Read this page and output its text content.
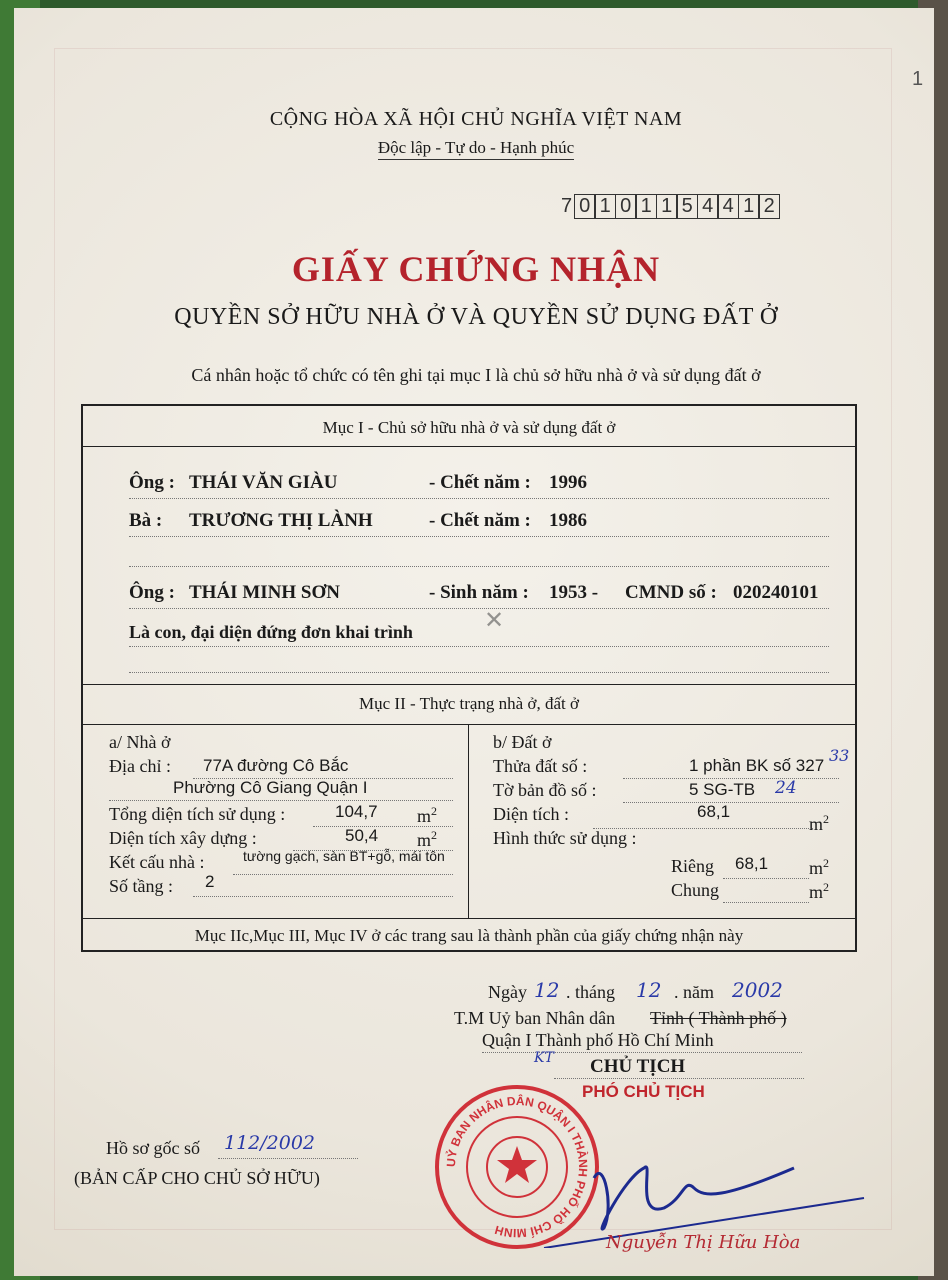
1
CỘNG HÒA XÃ HỘI CHỦ NGHĨA VIỆT NAM
Độc lập - Tự do - Hạnh phúc
7 0 1 0 1 1 5 4 4 1 2
GIẤY CHỨNG NHẬN
QUYỀN SỞ HỮU NHÀ Ở VÀ QUYỀN SỬ DỤNG ĐẤT Ở
Cá nhân hoặc tổ chức có tên ghi tại mục I là chủ sở hữu nhà ở và sử dụng đất ở
Mục I - Chủ sở hữu nhà ở và sử dụng đất ở
Ông : THÁI VĂN GIÀU	- Chết năm : 1996
Bà : TRƯƠNG THỊ LÀNH	- Chết năm : 1986
Ông : THÁI MINH SƠN	- Sinh năm : 1953 - CMND số : 020240101
Là con, đại diện đứng đơn khai trình
Mục II - Thực trạng nhà ở, đất ở
a/ Nhà ở
Địa chỉ : 77A đường Cô Bắc
Phường Cô Giang Quận I
Tổng diện tích sử dụng :	104,7 $m^2$
Diện tích xây dựng :	50,4 $m^2$
Kết cấu nhà :	tường gạch, sàn BT+gỗ, mái tôn
Số tầng : 2
b/ Đất ở
Thửa đất số :	1 phần BK số 327
33
Tờ bản đồ số :	5 SG-TB 24
Diện tích :	68,1
$m^2$
Hình thức sử dụng :
Riêng 68,1 $m^2$
Chung	$m^2$
Mục IIc,Mục III, Mục IV ở các trang sau là thành phần của giấy chứng nhận này
✕
Ngày 12 . tháng 12 . năm 2002
T.M Uỷ ban Nhân dân Tỉnh ( Thành phố )
Quận I Thành phố Hồ Chí Minh
KT CHỦ TỊCH
PHÓ CHỦ TỊCH
Hồ sơ gốc số 112/2002
(BẢN CẤP CHO CHỦ SỞ HỮU)
UỶ BAN NHÂN DÂN QUẬN I THÀNH PHỐ HỒ CHÍ MINH
Nguyễn Thị Hữu Hòa
